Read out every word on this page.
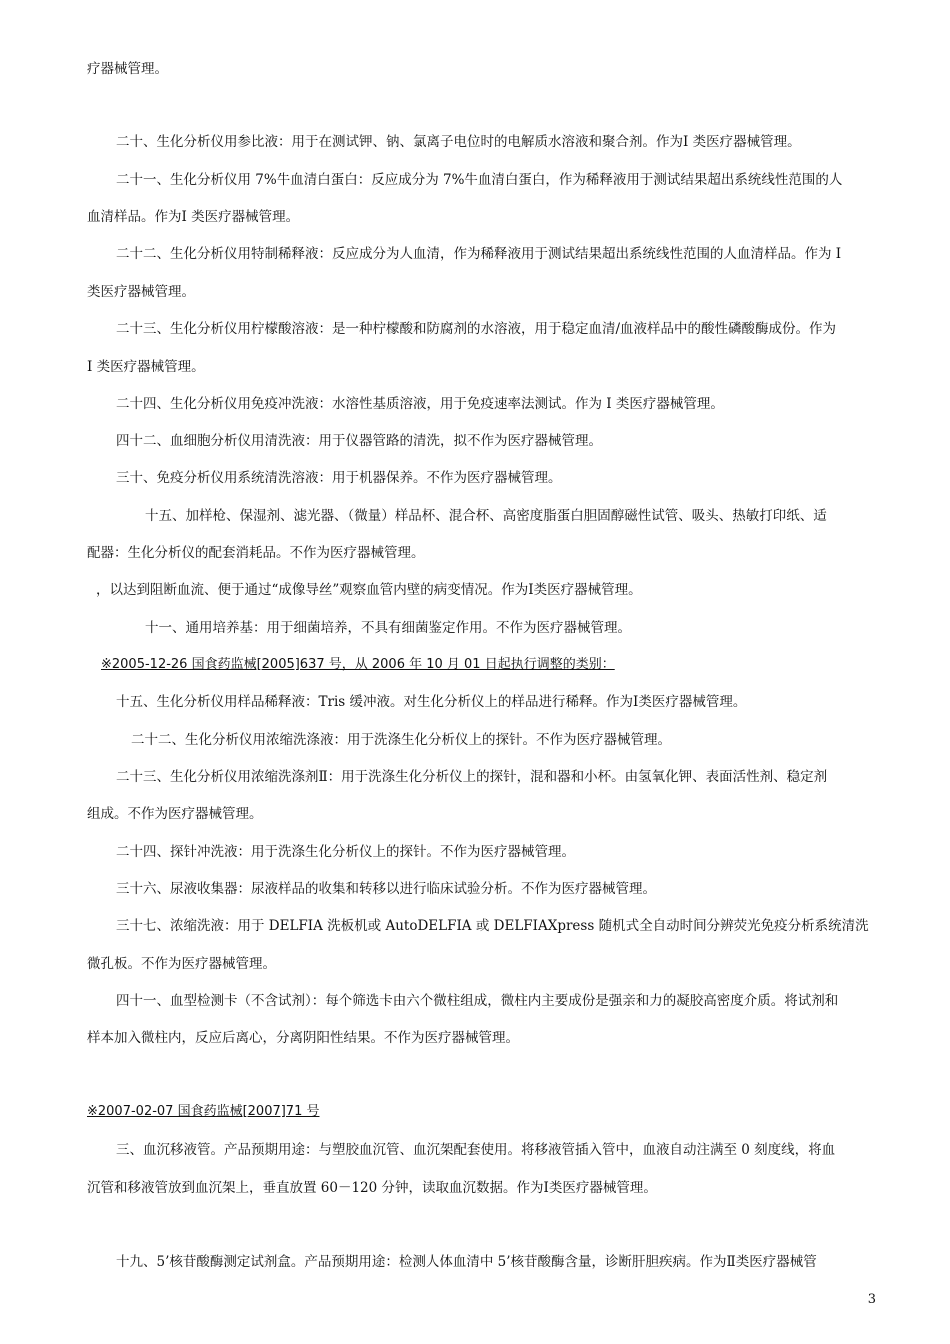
疗器械管理。
二十、生化分析仪用参比液：用于在测试钾、钠、氯离子电位时的电解质水溶液和聚合剂。作为I 类医疗器械管理。
二十一、生化分析仪用 7%牛血清白蛋白：反应成分为 7%牛血清白蛋白，作为稀释液用于测试结果超出系统线性范围的人
血清样品。作为I 类医疗器械管理。
二十二、生化分析仪用特制稀释液：反应成分为人血清，作为稀释液用于测试结果超出系统线性范围的人血清样品。作为 I
类医疗器械管理。
二十三、生化分析仪用柠檬酸溶液：是一种柠檬酸和防腐剂的水溶液，用于稳定血清/血液样品中的酸性磷酸酶成份。作为
I 类医疗器械管理。
二十四、生化分析仪用免疫冲洗液：水溶性基质溶液，用于免疫速率法测试。作为 I 类医疗器械管理。
四十二、血细胞分析仪用清洗液：用于仪器管路的清洗，拟不作为医疗器械管理。
三十、免疫分析仪用系统清洗溶液：用于机器保养。不作为医疗器械管理。
十五、加样枪、保湿剂、滤光器、（微量）样品杯、混合杯、高密度脂蛋白胆固醇磁性试管、吸头、热敏打印纸、适
配器：生化分析仪的配套消耗品。不作为医疗器械管理。
，以达到阻断血流、便于通过“成像导丝”观察血管内壁的病变情况。作为Ⅰ类医疗器械管理。
十一、通用培养基：用于细菌培养，不具有细菌鉴定作用。不作为医疗器械管理。
※2005-12-26 国食药监械[2005]637 号，从 2006 年 10 月 01 日起执行调整的类别：
十五、生化分析仪用样品稀释液：Tris 缓冲液。对生化分析仪上的样品进行稀释。作为Ⅰ类医疗器械管理。
二十二、生化分析仪用浓缩洗涤液：用于洗涤生化分析仪上的探针。不作为医疗器械管理。
二十三、生化分析仪用浓缩洗涤剂Ⅱ：用于洗涤生化分析仪上的探针，混和器和小杯。由氢氧化钾、表面活性剂、稳定剂
组成。不作为医疗器械管理。
二十四、探针冲洗液：用于洗涤生化分析仪上的探针。不作为医疗器械管理。
三十六、尿液收集器：尿液样品的收集和转移以进行临床试验分析。不作为医疗器械管理。
三十七、浓缩洗液：用于 DELFIA 洗板机或 AutoDELFIA 或 DELFIAXpress 随机式全自动时间分辨荧光免疫分析系统清洗
微孔板。不作为医疗器械管理。
四十一、血型检测卡（不含试剂）：每个筛选卡由六个微柱组成，微柱内主要成份是强亲和力的凝胶高密度介质。将试剂和
样本加入微柱内，反应后离心，分离阴阳性结果。不作为医疗器械管理。
※2007-02-07 国食药监械[2007]71 号
三、血沉移液管。产品预期用途：与塑胶血沉管、血沉架配套使用。将移液管插入管中，血液自动注满至 0 刻度线，将血
沉管和移液管放到血沉架上，垂直放置 60－120 分钟，读取血沉数据。作为Ⅰ类医疗器械管理。
十九、5’核苷酸酶测定试剂盒。产品预期用途：检测人体血清中 5’核苷酸酶含量，诊断肝胆疾病。作为Ⅱ类医疗器械管
3
